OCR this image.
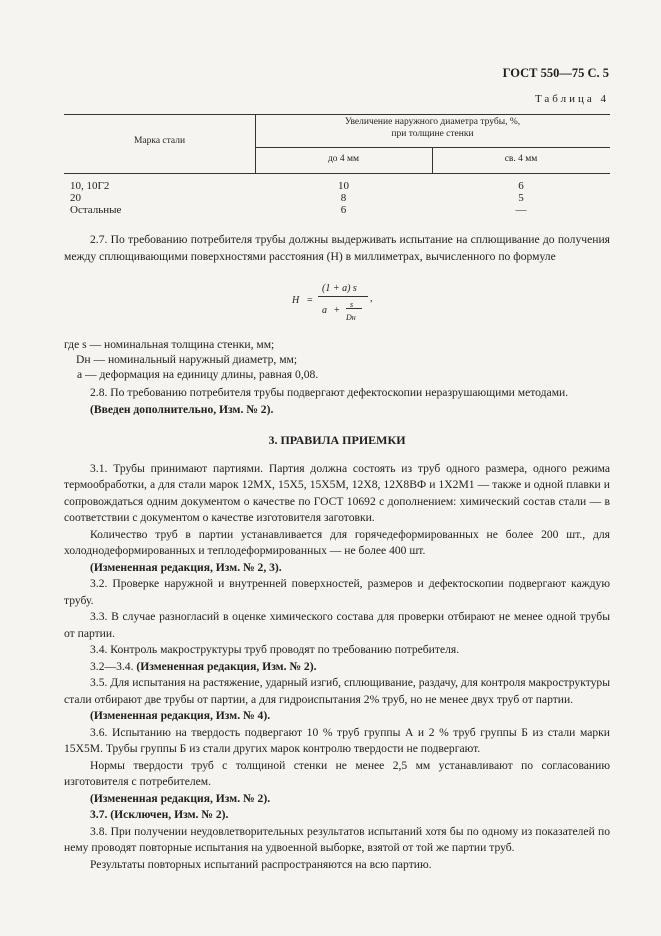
ГОСТ 550—75 С. 5
Таблица 4
Марка стали
Увеличение наружного диаметра трубы, %,
при толщине стенки
до 4 мм	св. 4 мм
10, 10Г2	10	6
20	8	5
Остальные	6	—

2.7. По требованию потребителя трубы должны выдерживать испытание на сплющивание до получения между сплющивающими поверхностями расстояния (H) в миллиметрах, вычисленного по формуле

H =
(1 + a) s
a +
s
Dн
,
где s — номинальная толщина стенки, мм;
Dн — номинальный наружный диаметр, мм;
a — деформация на единицу длины, равная 0,08.

2.8. По требованию потребителя трубы подвергают дефектоскопии неразрушающими методами.

(Введен дополнительно, Изм. № 2).

3. ПРАВИЛА ПРИЕМКИ

3.1. Трубы принимают партиями. Партия должна состоять из труб одного размера, одного режима термообработки, а для стали марок 12МХ, 15Х5, 15Х5М, 12Х8, 12Х8ВФ и 1Х2М1 — также и одной плавки и сопровождаться одним документом о качестве по ГОСТ 10692 с дополнением: химический состав стали — в соответствии с документом о качестве изготовителя заготовки.

Количество труб в партии устанавливается для горячедеформированных не более 200 шт., для холоднодеформированных и теплодеформированных — не более 400 шт.

(Измененная редакция, Изм. № 2, 3).

3.2. Проверке наружной и внутренней поверхностей, размеров и дефектоскопии подвергают каждую трубу.

3.3. В случае разногласий в оценке химического состава для проверки отбирают не менее одной трубы от партии.

3.4. Контроль макроструктуры труб проводят по требованию потребителя.

3.2—3.4. (Измененная редакция, Изм. № 2).

3.5. Для испытания на растяжение, ударный изгиб, сплющивание, раздачу, для контроля макроструктуры стали отбирают две трубы от партии, а для гидроиспытания 2% труб, но не менее двух труб от партии.

(Измененная редакция, Изм. № 4).

3.6. Испытанию на твердость подвергают 10 % труб группы А и 2 % труб группы Б из стали марки 15Х5М. Трубы группы Б из стали других марок контролю твердости не подвергают.

Нормы твердости труб с толщиной стенки не менее 2,5 мм устанавливают по согласованию изготовителя с потребителем.

(Измененная редакция, Изм. № 2).

3.7. (Исключен, Изм. № 2).

3.8. При получении неудовлетворительных результатов испытаний хотя бы по одному из показателей по нему проводят повторные испытания на удвоенной выборке, взятой от той же партии труб.

Результаты повторных испытаний распространяются на всю партию.
